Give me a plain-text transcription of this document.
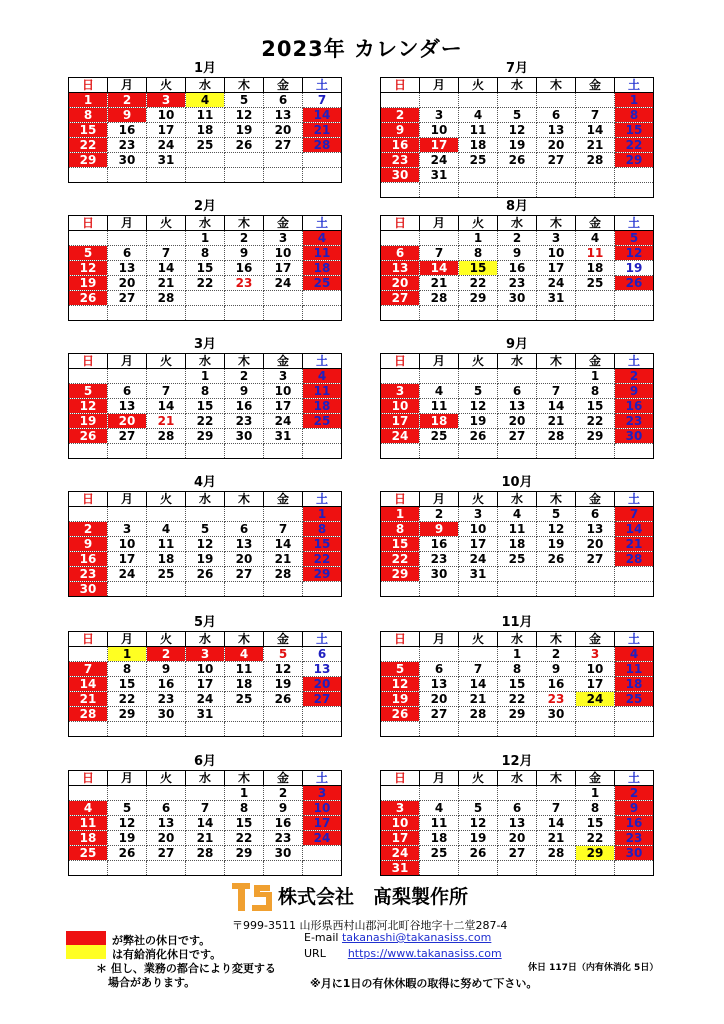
2023年 カレンダー
1月
日	月	火	水	木	金	土
1	2	3	4	5	6	7
8	9	10	11	12	13	14
15	16	17	18	19	20	21
22	23	24	25	26	27	28
29	30	31				

2月
日	月	火	水	木	金	土
			1	2	3	4
5	6	7	8	9	10	11
12	13	14	15	16	17	18
19	20	21	22	23	24	25
26	27	28				

3月
日	月	火	水	木	金	土
			1	2	3	4
5	6	7	8	9	10	11
12	13	14	15	16	17	18
19	20	21	22	23	24	25
26	27	28	29	30	31	

4月
日	月	火	水	木	金	土
						1
2	3	4	5	6	7	8
9	10	11	12	13	14	15
16	17	18	19	20	21	22
23	24	25	26	27	28	29
30						
5月
日	月	火	水	木	金	土
	1	2	3	4	5	6
7	8	9	10	11	12	13
14	15	16	17	18	19	20
21	22	23	24	25	26	27
28	29	30	31			

6月
日	月	火	水	木	金	土
				1	2	3
4	5	6	7	8	9	10
11	12	13	14	15	16	17
18	19	20	21	22	23	24
25	26	27	28	29	30	

7月
日	月	火	水	木	金	土
						1
2	3	4	5	6	7	8
9	10	11	12	13	14	15
16	17	18	19	20	21	22
23	24	25	26	27	28	29
30	31					

8月
日	月	火	水	木	金	土
		1	2	3	4	5
6	7	8	9	10	11	12
13	14	15	16	17	18	19
20	21	22	23	24	25	26
27	28	29	30	31		

9月
日	月	火	水	木	金	土
					1	2
3	4	5	6	7	8	9
10	11	12	13	14	15	16
17	18	19	20	21	22	23
24	25	26	27	28	29	30

10月
日	月	火	水	木	金	土
1	2	3	4	5	6	7
8	9	10	11	12	13	14
15	16	17	18	19	20	21
22	23	24	25	26	27	28
29	30	31				

11月
日	月	火	水	木	金	土
			1	2	3	4
5	6	7	8	9	10	11
12	13	14	15	16	17	18
19	20	21	22	23	24	25
26	27	28	29	30		

12月
日	月	火	水	木	金	土
					1	2
3	4	5	6	7	8	9
10	11	12	13	14	15	16
17	18	19	20	21	22	23
24	25	26	27	28	29	30
31						
株式会社　髙梨製作所
〒999-3511 山形県西村山郡河北町谷地字十二堂287-4
E-mail takanashi@takanasiss.com
URL　　https://www.takanasiss.com
が弊社の休日です。
は有給消化休日です。
＊ 但し、業務の都合により変更する
場合があります。
休日 117日（内有休消化 5日）
※月に1日の有休休暇の取得に努めて下さい。
